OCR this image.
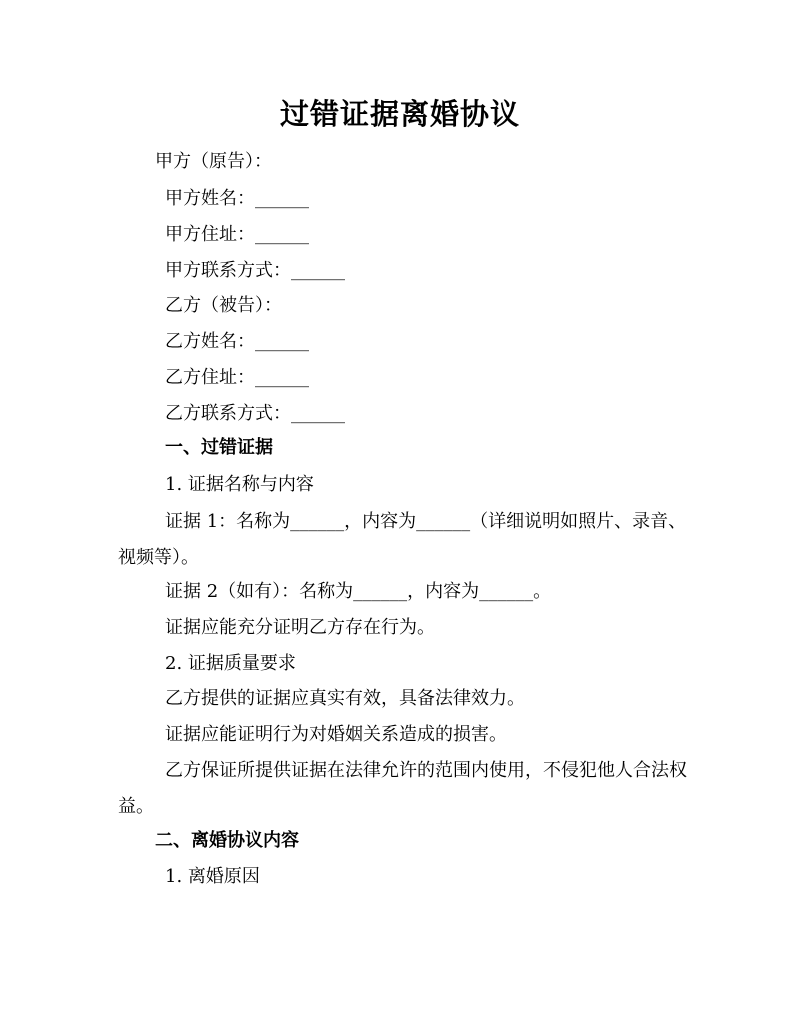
过错证据离婚协议
甲方（原告）：
甲方姓名：______
甲方住址：______
甲方联系方式：______
乙方（被告）：
乙方姓名：______
乙方住址：______
乙方联系方式：______
一、过错证据
1. 证据名称与内容
证据 1：名称为______，内容为______（详细说明如照片、录音、视频等）。
证据 2（如有）：名称为______，内容为______。
证据应能充分证明乙方存在行为。
2. 证据质量要求
乙方提供的证据应真实有效，具备法律效力。
证据应能证明行为对婚姻关系造成的损害。
乙方保证所提供证据在法律允许的范围内使用，不侵犯他人合法权益。
二、离婚协议内容
1. 离婚原因
